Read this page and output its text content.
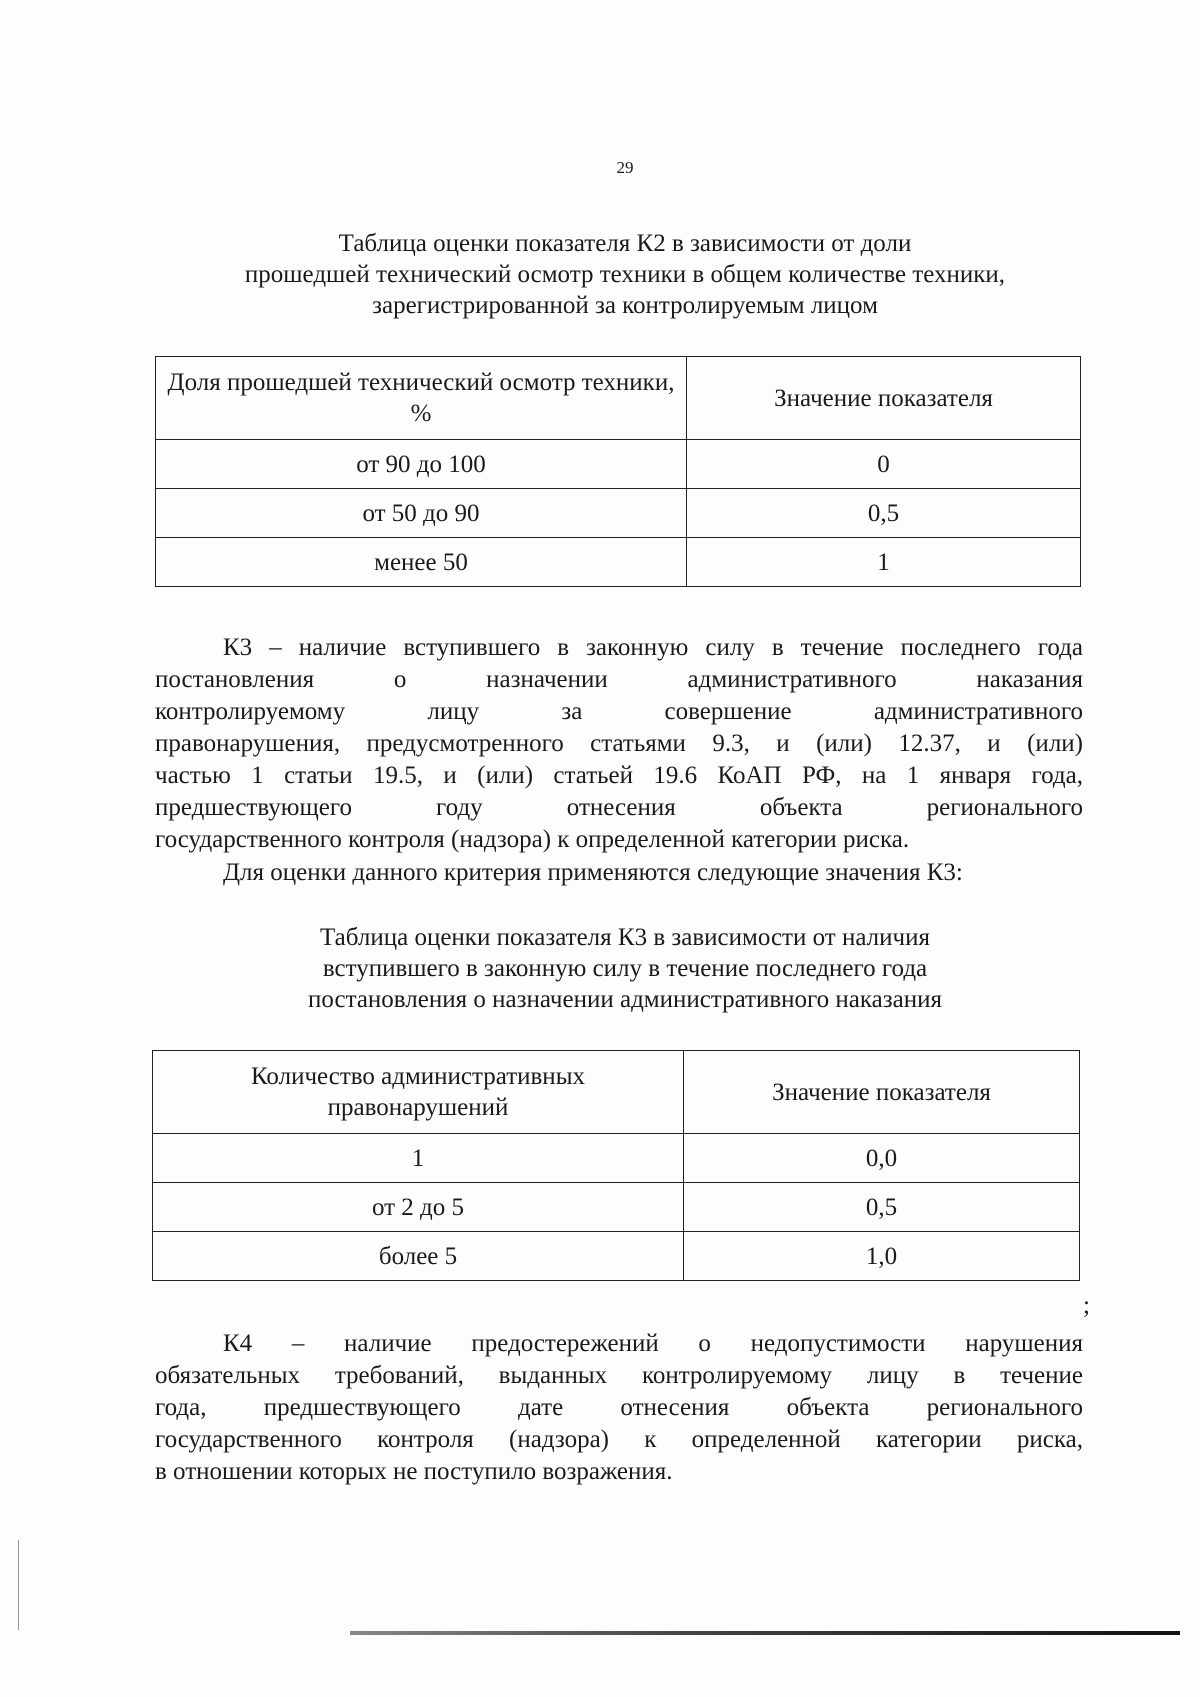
29
Таблица оценки показателя К2 в зависимости от доли
прошедшей технический осмотр техники в общем количестве техники,
зарегистрированной за контролируемым лицом
Доля прошедшей технический осмотр техники, %	Значение показателя
от 90 до 100	0
от 50 до 90	0,5
менее 50	1
К3 – наличие вступившего в законную силу в течение последнего года
постановления о назначении административного наказания
контролируемому лицу за совершение административного
правонарушения, предусмотренного статьями 9.3, и (или) 12.37, и (или)
частью 1 статьи 19.5, и (или) статьей 19.6 КоАП РФ, на 1 января года,
предшествующего году отнесения объекта регионального
государственного контроля (надзора) к определенной категории риска.
Для оценки данного критерия применяются следующие значения К3:
Таблица оценки показателя К3 в зависимости от наличия
вступившего в законную силу в течение последнего года
постановления о назначении административного наказания
Количество административных правонарушений	Значение показателя
1	0,0
от 2 до 5	0,5
более 5	1,0
;
К4 – наличие предостережений о недопустимости нарушения
обязательных требований, выданных контролируемому лицу в течение
года, предшествующего дате отнесения объекта регионального
государственного контроля (надзора) к определенной категории риска,
в отношении которых не поступило возражения.
